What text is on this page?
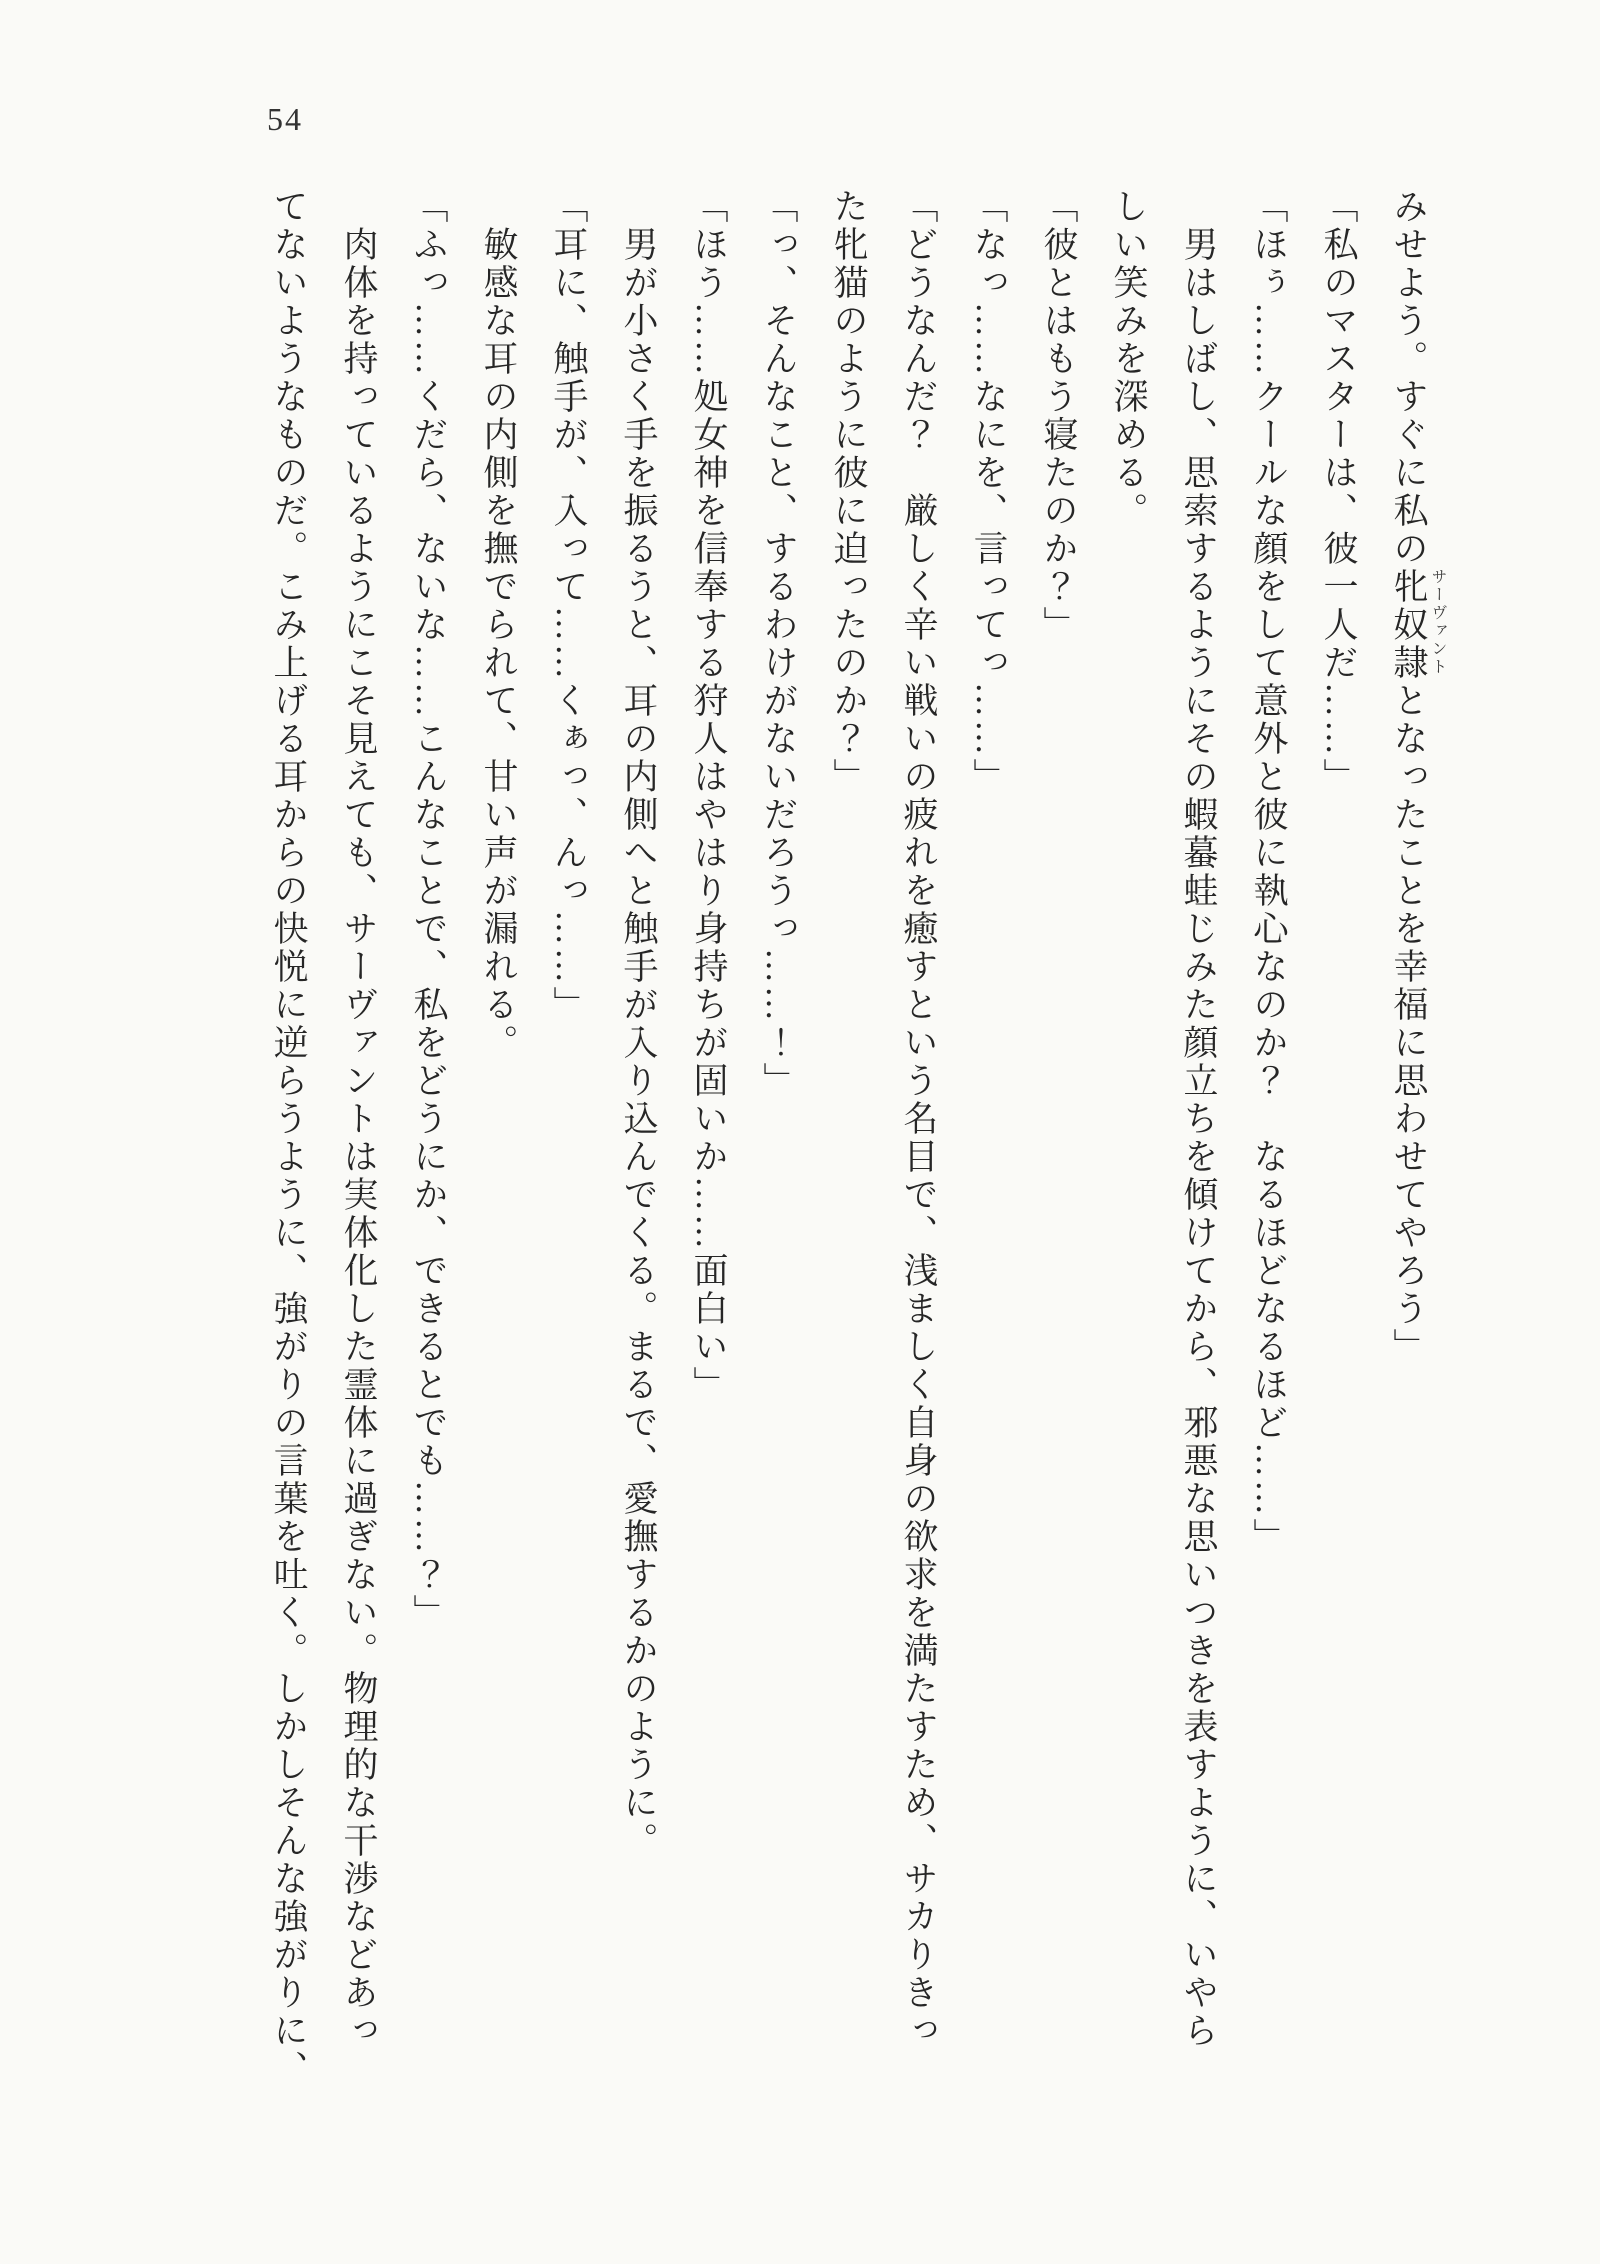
54
みせよう。すぐに私の牝奴隷となったことを幸福に思わせてやろう」
「私のマスターは、彼一人だ……」
「ほぅ……クールな顔をして意外と彼に執心なのか？　なるほどなるほど……」
　男はしばし、思索するようにその蝦蟇蛙じみた顔立ちを傾けてから、邪悪な思いつきを表すように、いやら
しい笑みを深める。
「彼とはもう寝たのか？」
「なっ……なにを、言ってっ……」
「どうなんだ？　厳しく辛い戦いの疲れを癒すという名目で、浅ましく自身の欲求を満たすため、サカりきっ
た牝猫のように彼に迫ったのか？」
「っ、そんなこと、するわけがないだろうっ……！」
「ほう……処女神を信奉する狩人はやはり身持ちが固いか……面白い」
　男が小さく手を振るうと、耳の内側へと触手が入り込んでくる。まるで、愛撫するかのように。
「耳に、触手が、入って……くぁっ、んっ……」
　敏感な耳の内側を撫でられて、甘い声が漏れる。
「ふっ……くだら、ないな……こんなことで、私をどうにか、できるとでも……？」
　肉体を持っているようにこそ見えても、サーヴァントは実体化した霊体に過ぎない。物理的な干渉などあっ
てないようなものだ。こみ上げる耳からの快悦に逆らうように、強がりの言葉を吐く。しかしそんな強がりに、	サーヴァント
